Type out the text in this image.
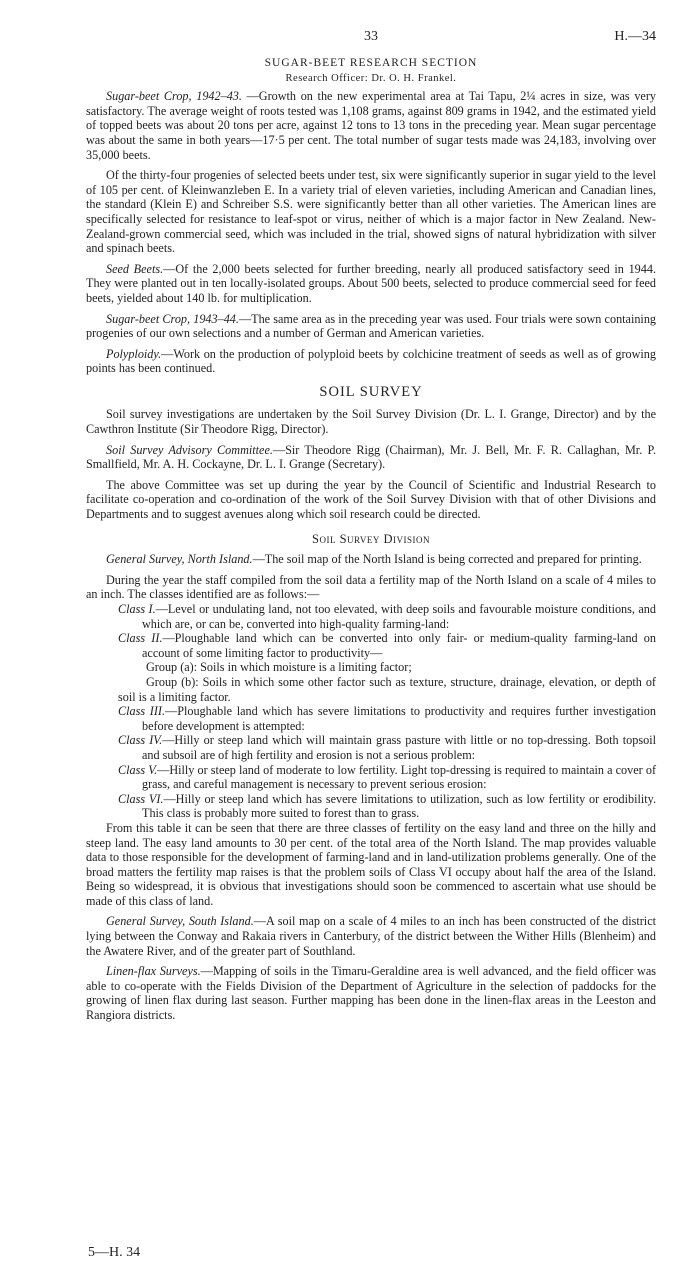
33	H.—34
SUGAR-BEET RESEARCH SECTION
Research Officer: Dr. O. H. Frankel.

Sugar-beet Crop, 1942–43. —Growth on the new experimental area at Tai Tapu, 2¼ acres in size, was very satisfactory. The average weight of roots tested was 1,108 grams, against 809 grams in 1942, and the estimated yield of topped beets was about 20 tons per acre, against 12 tons to 13 tons in the preceding year. Mean sugar percentage was about the same in both years—17·5 per cent. The total number of sugar tests made was 24,183, involving over 35,000 beets.

Of the thirty-four progenies of selected beets under test, six were significantly superior in sugar yield to the level of 105 per cent. of Kleinwanzleben E. In a variety trial of eleven varieties, including American and Canadian lines, the standard (Klein E) and Schreiber S.S. were significantly better than all other varieties. The American lines are specifically selected for resistance to leaf-spot or virus, neither of which is a major factor in New Zealand. New-Zealand-grown commercial seed, which was included in the trial, showed signs of natural hybridization with silver and spinach beets.

Seed Beets.—Of the 2,000 beets selected for further breeding, nearly all produced satisfactory seed in 1944. They were planted out in ten locally-isolated groups. About 500 beets, selected to produce commercial seed for feed beets, yielded about 140 lb. for multiplication.

Sugar-beet Crop, 1943–44.—The same area as in the preceding year was used. Four trials were sown containing progenies of our own selections and a number of German and American varieties.

Polyploidy.—Work on the production of polyploid beets by colchicine treatment of seeds as well as of growing points has been continued.

SOIL SURVEY

Soil survey investigations are undertaken by the Soil Survey Division (Dr. L. I. Grange, Director) and by the Cawthron Institute (Sir Theodore Rigg, Director).

Soil Survey Advisory Committee.—Sir Theodore Rigg (Chairman), Mr. J. Bell, Mr. F. R. Callaghan, Mr. P. Smallfield, Mr. A. H. Cockayne, Dr. L. I. Grange (Secretary).

The above Committee was set up during the year by the Council of Scientific and Industrial Research to facilitate co-operation and co-ordination of the work of the Soil Survey Division with that of other Divisions and Departments and to suggest avenues along which soil research could be directed.

Soil Survey Division

General Survey, North Island.—The soil map of the North Island is being corrected and prepared for printing.

During the year the staff compiled from the soil data a fertility map of the North Island on a scale of 4 miles to an inch. The classes identified are as follows:—

Class I.—Level or undulating land, not too elevated, with deep soils and favourable moisture conditions, and which are, or can be, converted into high-quality farming-land:
Class II.—Ploughable land which can be converted into only fair- or medium-quality farming-land on account of some limiting factor to productivity—
Group (a): Soils in which moisture is a limiting factor;
Group (b): Soils in which some other factor such as texture, structure, drainage, elevation, or depth of soil is a limiting factor.
Class III.—Ploughable land which has severe limitations to productivity and requires further investigation before development is attempted:
Class IV.—Hilly or steep land which will maintain grass pasture with little or no top-dressing. Both topsoil and subsoil are of high fertility and erosion is not a serious problem:
Class V.—Hilly or steep land of moderate to low fertility. Light top-dressing is required to maintain a cover of grass, and careful management is necessary to prevent serious erosion:
Class VI.—Hilly or steep land which has severe limitations to utilization, such as low fertility or erodibility. This class is probably more suited to forest than to grass.

From this table it can be seen that there are three classes of fertility on the easy land and three on the hilly and steep land. The easy land amounts to 30 per cent. of the total area of the North Island. The map provides valuable data to those responsible for the development of farming-land and in land-utilization problems generally. One of the broad matters the fertility map raises is that the problem soils of Class VI occupy about half the area of the Island. Being so widespread, it is obvious that investigations should soon be commenced to ascertain what use should be made of this class of land.

General Survey, South Island.—A soil map on a scale of 4 miles to an inch has been constructed of the district lying between the Conway and Rakaia rivers in Canterbury, of the district between the Wither Hills (Blenheim) and the Awatere River, and of the greater part of Southland.

Linen-flax Surveys.—Mapping of soils in the Timaru-Geraldine area is well advanced, and the field officer was able to co-operate with the Fields Division of the Department of Agriculture in the selection of paddocks for the growing of linen flax during last season. Further mapping has been done in the linen-flax areas in the Leeston and Rangiora districts.

5—H. 34
